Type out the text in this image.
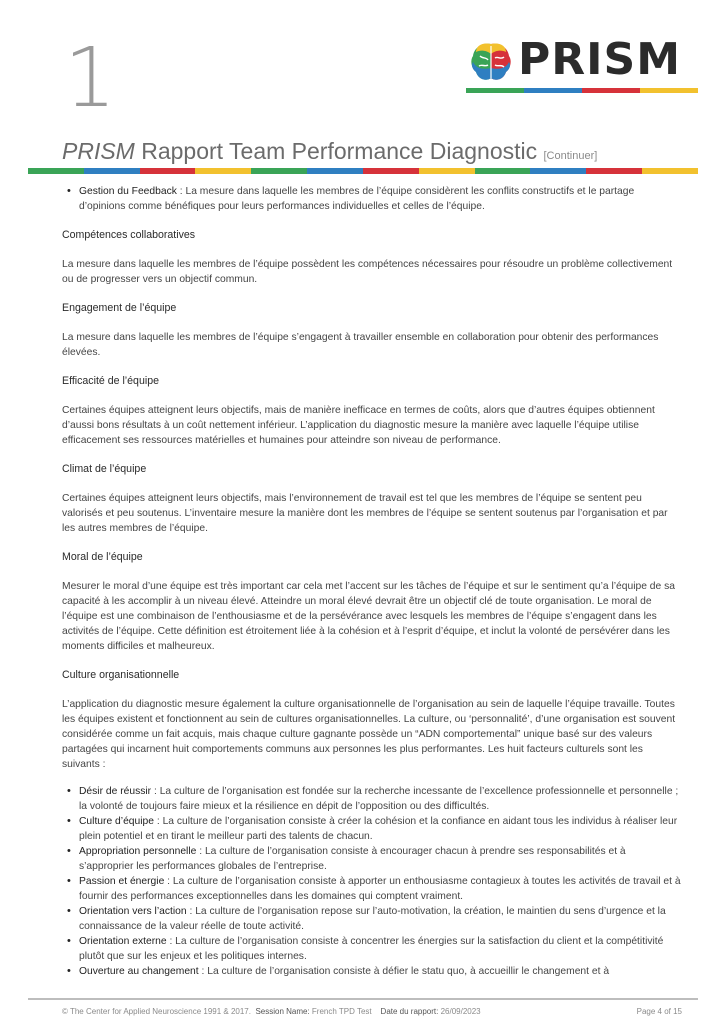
1	PRISM
PRISM Rapport Team Performance Diagnostic [Continuer]
• Gestion du Feedback : La mesure dans laquelle les membres de l’équipe considèrent les conflits constructifs et le partage d’opinions comme bénéfiques pour leurs performances individuelles et celles de l’équipe.
Compétences collaboratives

La mesure dans laquelle les membres de l’équipe possèdent les compétences nécessaires pour résoudre un problème collectivement ou de progresser vers un objectif commun.

Engagement de l’équipe

La mesure dans laquelle les membres de l’équipe s’engagent à travailler ensemble en collaboration pour obtenir des performances élevées.

Efficacité de l’équipe

Certaines équipes atteignent leurs objectifs, mais de manière inefficace en termes de coûts, alors que d’autres équipes obtiennent d’aussi bons résultats à un coût nettement inférieur. L’application du diagnostic mesure la manière avec laquelle l’équipe utilise efficacement ses ressources matérielles et humaines pour atteindre son niveau de performance.

Climat de l’équipe

Certaines équipes atteignent leurs objectifs, mais l’environnement de travail est tel que les membres de l’équipe se sentent peu valorisés et peu soutenus. L’inventaire mesure la manière dont les membres de l’équipe se sentent soutenus par l’organisation et par les autres membres de l’équipe.

Moral de l’équipe

Mesurer le moral d’une équipe est très important car cela met l’accent sur les tâches de l’équipe et sur le sentiment qu’a l’équipe de sa capacité à les accomplir à un niveau élevé. Atteindre un moral élevé devrait être un objectif clé de toute organisation. Le moral de l’équipe est une combinaison de l’enthousiasme et de la persévérance avec lesquels les membres de l’équipe s’engagent dans les activités de l’équipe. Cette définition est étroitement liée à la cohésion et à l’esprit d’équipe, et inclut la volonté de persévérer dans les moments difficiles et malheureux.

Culture organisationnelle

L’application du diagnostic mesure également la culture organisationnelle de l’organisation au sein de laquelle l’équipe travaille. Toutes les équipes existent et fonctionnent au sein de cultures organisationnelles. La culture, ou ‘personnalité’, d’une organisation est souvent considérée comme un fait acquis, mais chaque culture gagnante possède un “ADN comportemental” unique basé sur des valeurs partagées qui incarnent huit comportements communs aux personnes les plus performantes. Les huit facteurs culturels sont les suivants :

• Désir de réussir : La culture de l’organisation est fondée sur la recherche incessante de l’excellence professionnelle et personnelle ; la volonté de toujours faire mieux et la résilience en dépit de l’opposition ou des difficultés.
• Culture d’équipe : La culture de l’organisation consiste à créer la cohésion et la confiance en aidant tous les individus à réaliser leur plein potentiel et en tirant le meilleur parti des talents de chacun.
• Appropriation personnelle : La culture de l’organisation consiste à encourager chacun à prendre ses responsabilités et à s’approprier les performances globales de l’entreprise.
• Passion et énergie : La culture de l’organisation consiste à apporter un enthousiasme contagieux à toutes les activités de travail et à fournir des performances exceptionnelles dans les domaines qui comptent vraiment.
• Orientation vers l’action : La culture de l’organisation repose sur l’auto-motivation, la création, le maintien du sens d’urgence et la connaissance de la valeur réelle de toute activité.
• Orientation externe : La culture de l’organisation consiste à concentrer les énergies sur la satisfaction du client et la compétitivité plutôt que sur les enjeux et les politiques internes.
• Ouverture au changement : La culture de l’organisation consiste à défier le statu quo, à accueillir le changement et à
© The Center for Applied Neuroscience 1991 & 2017. Session Name: French TPD Test Date du rapport: 26/09/2023	Page 4 of 15
